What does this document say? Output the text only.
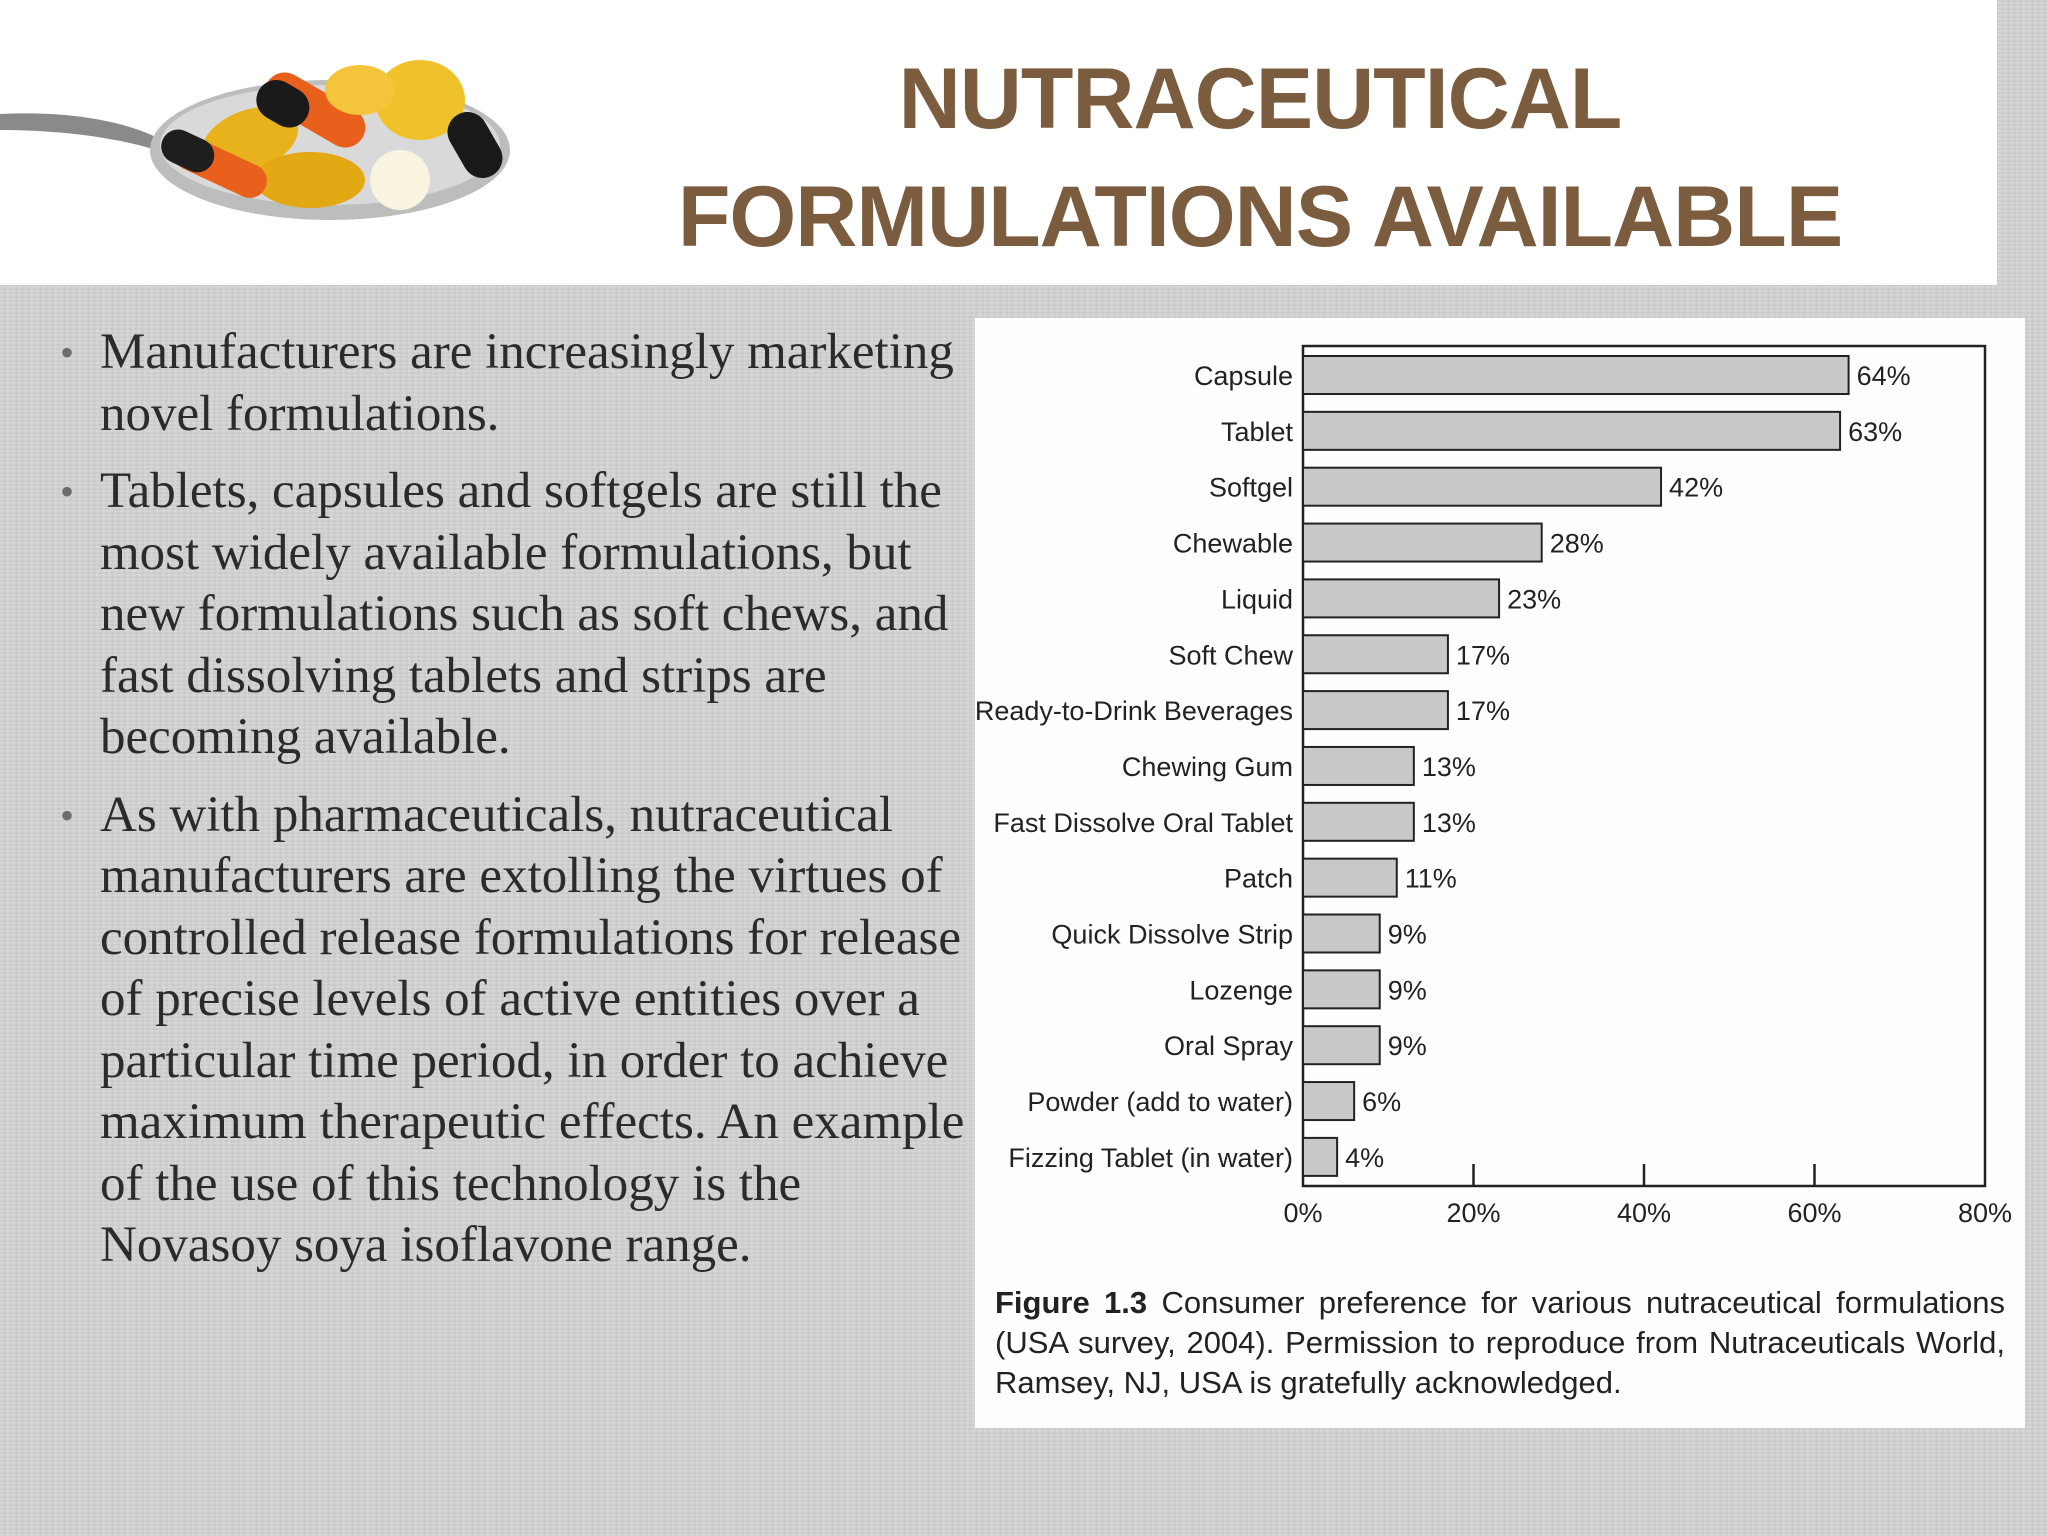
NUTRACEUTICAL
FORMULATIONS AVAILABLE
• Manufacturers are increasingly marketing novel formulations.
• Tablets, capsules and softgels are still the most widely available formulations, but new formulations such as soft chews, and fast dissolving tablets and strips are becoming available.
• As with pharmaceuticals, nutraceutical manufacturers are extolling the virtues of controlled release formulations for release of precise levels of active entities over a particular time period, in order to achieve maximum therapeutic effects. An example of the use of this technology is the Novasoy soya isoflavone range.
Capsule	64%
Tablet	63%
Softgel	42%
Chewable	28%
Liquid	23%
Soft Chew	17%
Ready-to-Drink Beverages	17%
Chewing Gum	13%
Fast Dissolve Oral Tablet	13%
Patch	11%
Quick Dissolve Strip	9%
Lozenge	9%
Oral Spray	9%
Powder (add to water)	6%
Fizzing Tablet (in water) 4%
0%	20%	40%	60%	80%
Figure 1.3 Consumer preference for various nutraceutical formulations (USA survey, 2004). Permission to reproduce from Nutraceuticals World, Ramsey, NJ, USA is gratefully acknowledged.
